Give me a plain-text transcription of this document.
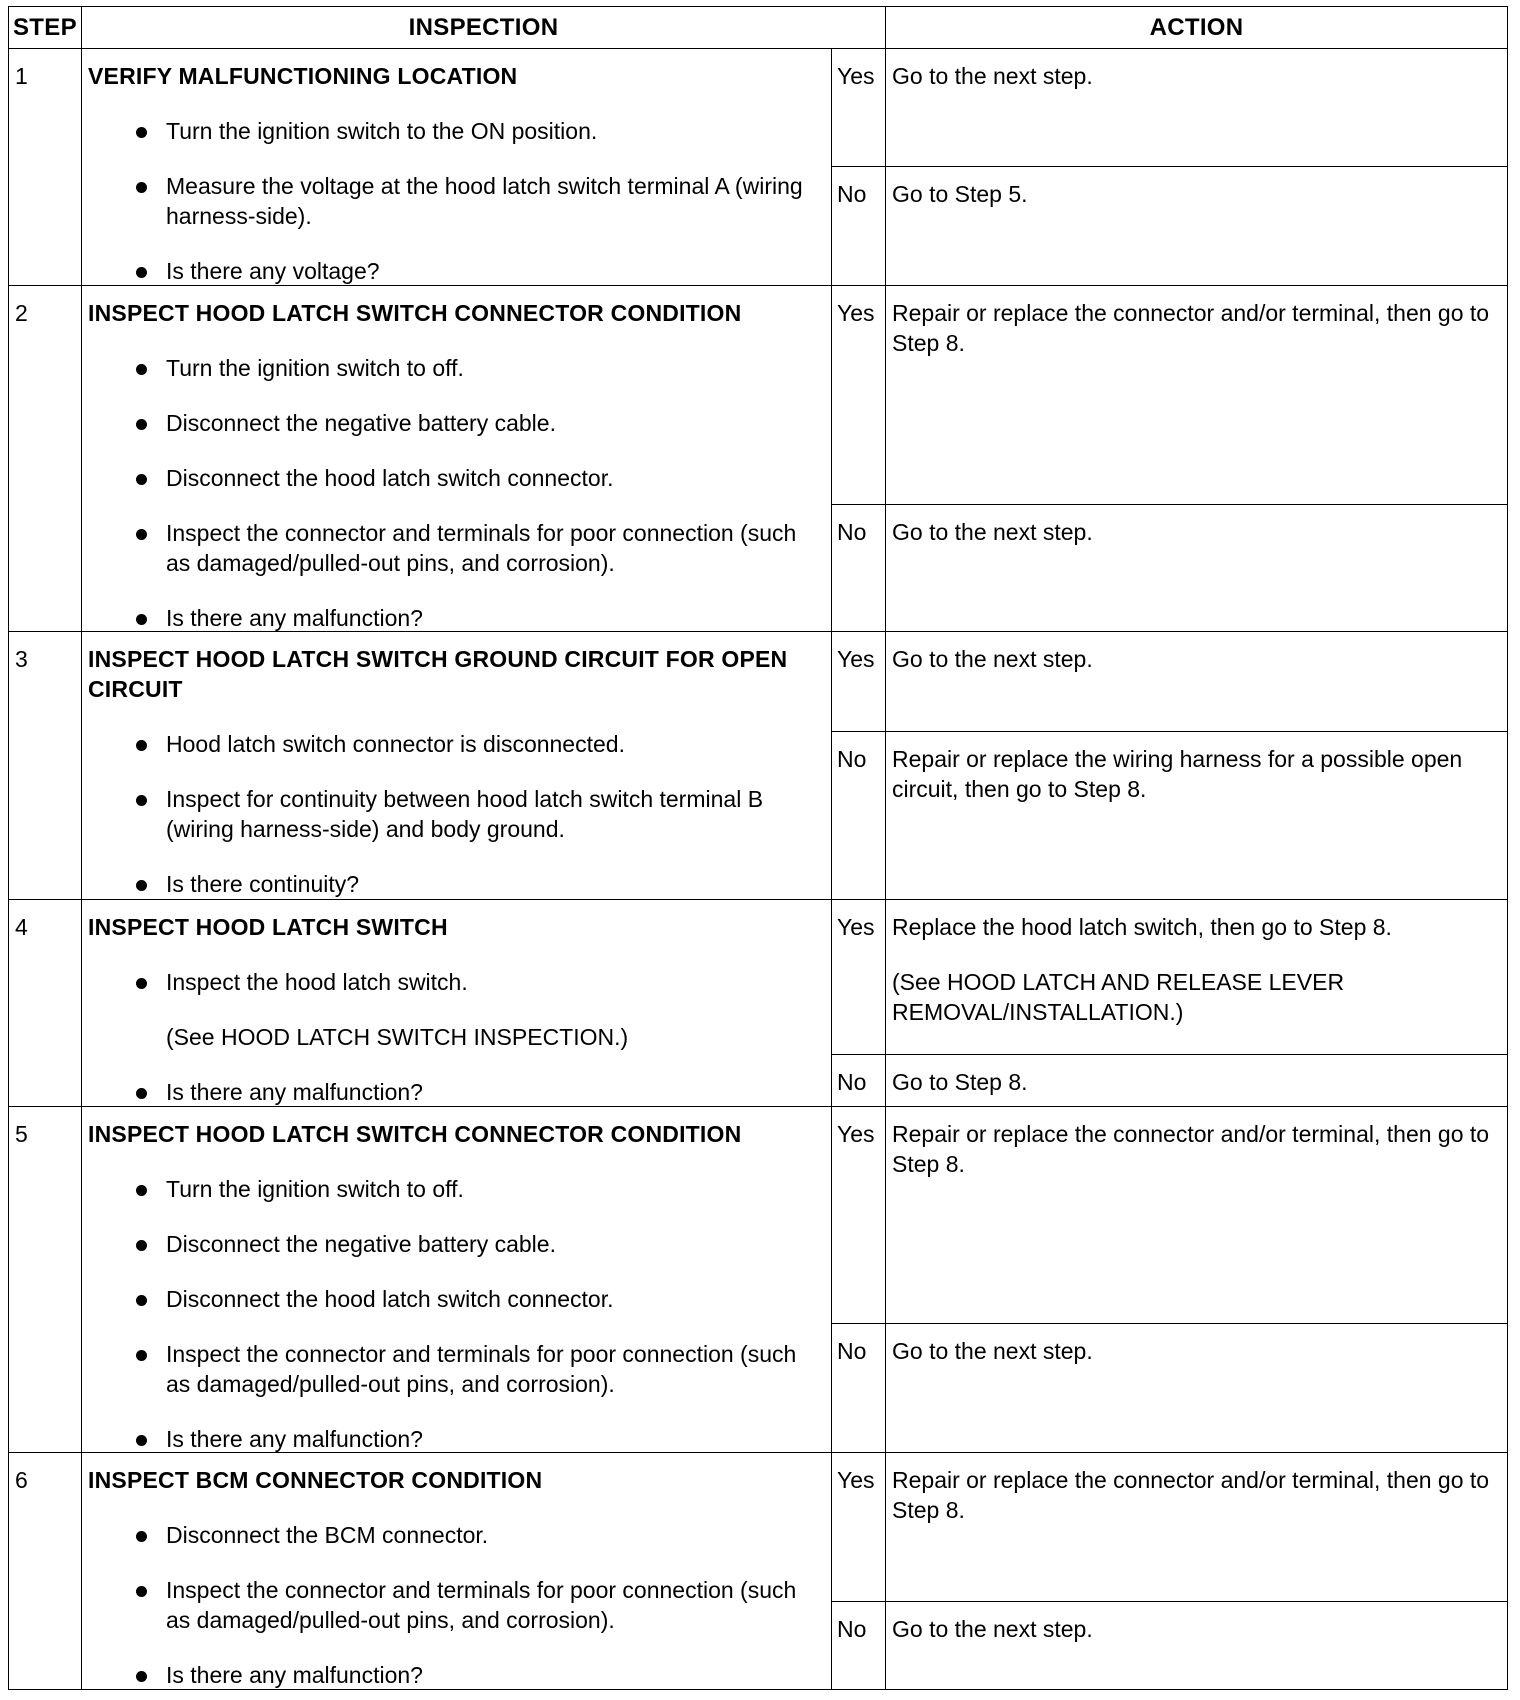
STEP	INSPECTION	ACTION
1	VERIFY MALFUNCTIONING LOCATION
Turn the ignition switch to the ON position.
Measure the voltage at the hood latch switch terminal A (wiring harness-side).
Is there any voltage?
Yes Go to the next step.
No	Go to Step 5.
2	INSPECT HOOD LATCH SWITCH CONNECTOR CONDITION
Turn the ignition switch to off.
Disconnect the negative battery cable.
Disconnect the hood latch switch connector.
Inspect the connector and terminals for poor connection (such as damaged/pulled-out pins, and corrosion).
Is there any malfunction?
Yes Repair or replace the connector and/or terminal, then go to Step 8.
No	Go to the next step.
3	INSPECT HOOD LATCH SWITCH GROUND CIRCUIT FOR OPEN CIRCUIT
Hood latch switch connector is disconnected.
Inspect for continuity between hood latch switch terminal B (wiring harness-side) and body ground.
Is there continuity?
Yes Go to the next step.
No	Repair or replace the wiring harness for a possible open circuit, then go to Step 8.
4	INSPECT HOOD LATCH SWITCH
Inspect the hood latch switch.
(See HOOD LATCH SWITCH INSPECTION.)
Is there any malfunction?
Yes Replace the hood latch switch, then go to Step 8.
(See HOOD LATCH AND RELEASE LEVER REMOVAL/INSTALLATION.)
No	Go to Step 8.
5	INSPECT HOOD LATCH SWITCH CONNECTOR CONDITION
Turn the ignition switch to off.
Disconnect the negative battery cable.
Disconnect the hood latch switch connector.
Inspect the connector and terminals for poor connection (such as damaged/pulled-out pins, and corrosion).
Is there any malfunction?
Yes Repair or replace the connector and/or terminal, then go to Step 8.
No	Go to the next step.
6	INSPECT BCM CONNECTOR CONDITION
Disconnect the BCM connector.
Inspect the connector and terminals for poor connection (such as damaged/pulled-out pins, and corrosion).
Is there any malfunction?
Yes Repair or replace the connector and/or terminal, then go to Step 8.
No	Go to the next step.
